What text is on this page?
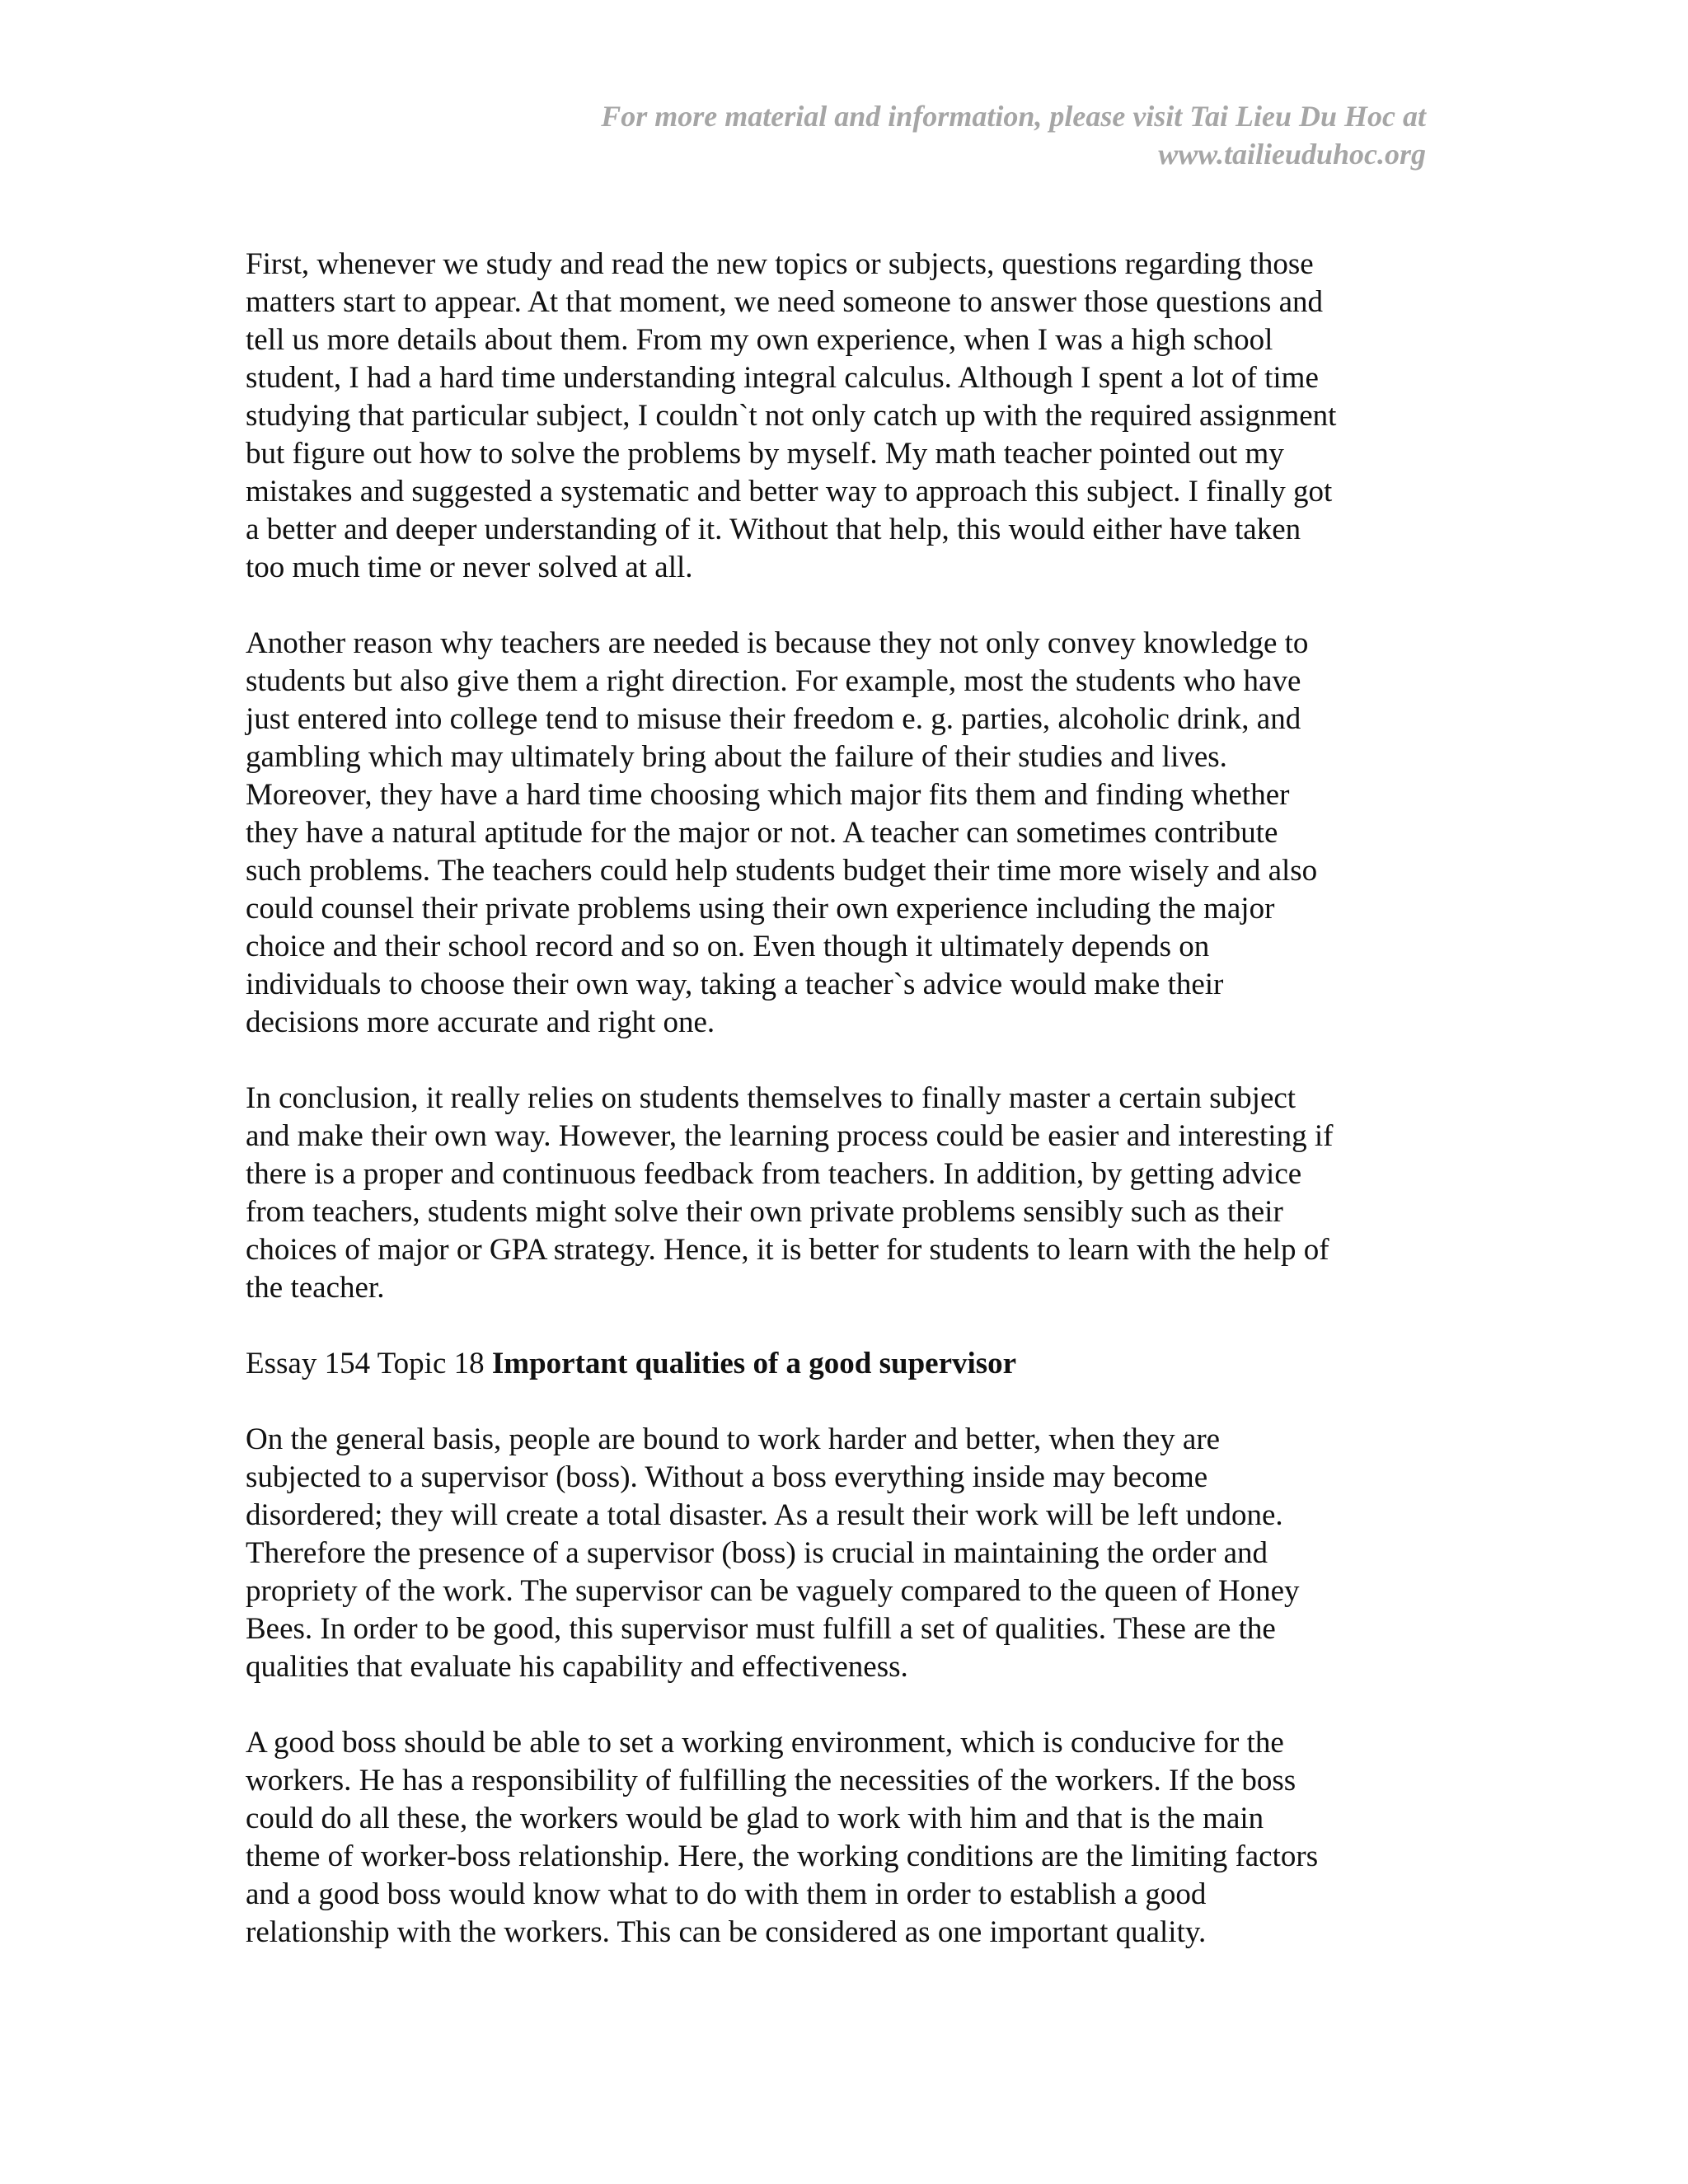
For more material and information, please visit Tai Lieu Du Hoc at
www.tailieuduhoc.org
First, whenever we study and read the new topics or subjects, questions regarding those
matters start to appear. At that moment, we need someone to answer those questions and
tell us more details about them. From my own experience, when I was a high school
student, I had a hard time understanding integral calculus. Although I spent a lot of time
studying that particular subject, I couldn`t not only catch up with the required assignment
but figure out how to solve the problems by myself. My math teacher pointed out my
mistakes and suggested a systematic and better way to approach this subject. I finally got
a better and deeper understanding of it. Without that help, this would either have taken
too much time or never solved at all.
Another reason why teachers are needed is because they not only convey knowledge to
students but also give them a right direction. For example, most the students who have
just entered into college tend to misuse their freedom e. g. parties, alcoholic drink, and
gambling which may ultimately bring about the failure of their studies and lives.
Moreover, they have a hard time choosing which major fits them and finding whether
they have a natural aptitude for the major or not. A teacher can sometimes contribute
such problems. The teachers could help students budget their time more wisely and also
could counsel their private problems using their own experience including the major
choice and their school record and so on. Even though it ultimately depends on
individuals to choose their own way, taking a teacher`s advice would make their
decisions more accurate and right one.
In conclusion, it really relies on students themselves to finally master a certain subject
and make their own way. However, the learning process could be easier and interesting if
there is a proper and continuous feedback from teachers. In addition, by getting advice
from teachers, students might solve their own private problems sensibly such as their
choices of major or GPA strategy. Hence, it is better for students to learn with the help of
the teacher.
Essay 154 Topic 18 Important qualities of a good supervisor
On the general basis, people are bound to work harder and better, when they are
subjected to a supervisor (boss). Without a boss everything inside may become
disordered; they will create a total disaster. As a result their work will be left undone.
Therefore the presence of a supervisor (boss) is crucial in maintaining the order and
propriety of the work. The supervisor can be vaguely compared to the queen of Honey
Bees. In order to be good, this supervisor must fulfill a set of qualities. These are the
qualities that evaluate his capability and effectiveness.
A good boss should be able to set a working environment, which is conducive for the
workers. He has a responsibility of fulfilling the necessities of the workers. If the boss
could do all these, the workers would be glad to work with him and that is the main
theme of worker-boss relationship. Here, the working conditions are the limiting factors
and a good boss would know what to do with them in order to establish a good
relationship with the workers. This can be considered as one important quality.
